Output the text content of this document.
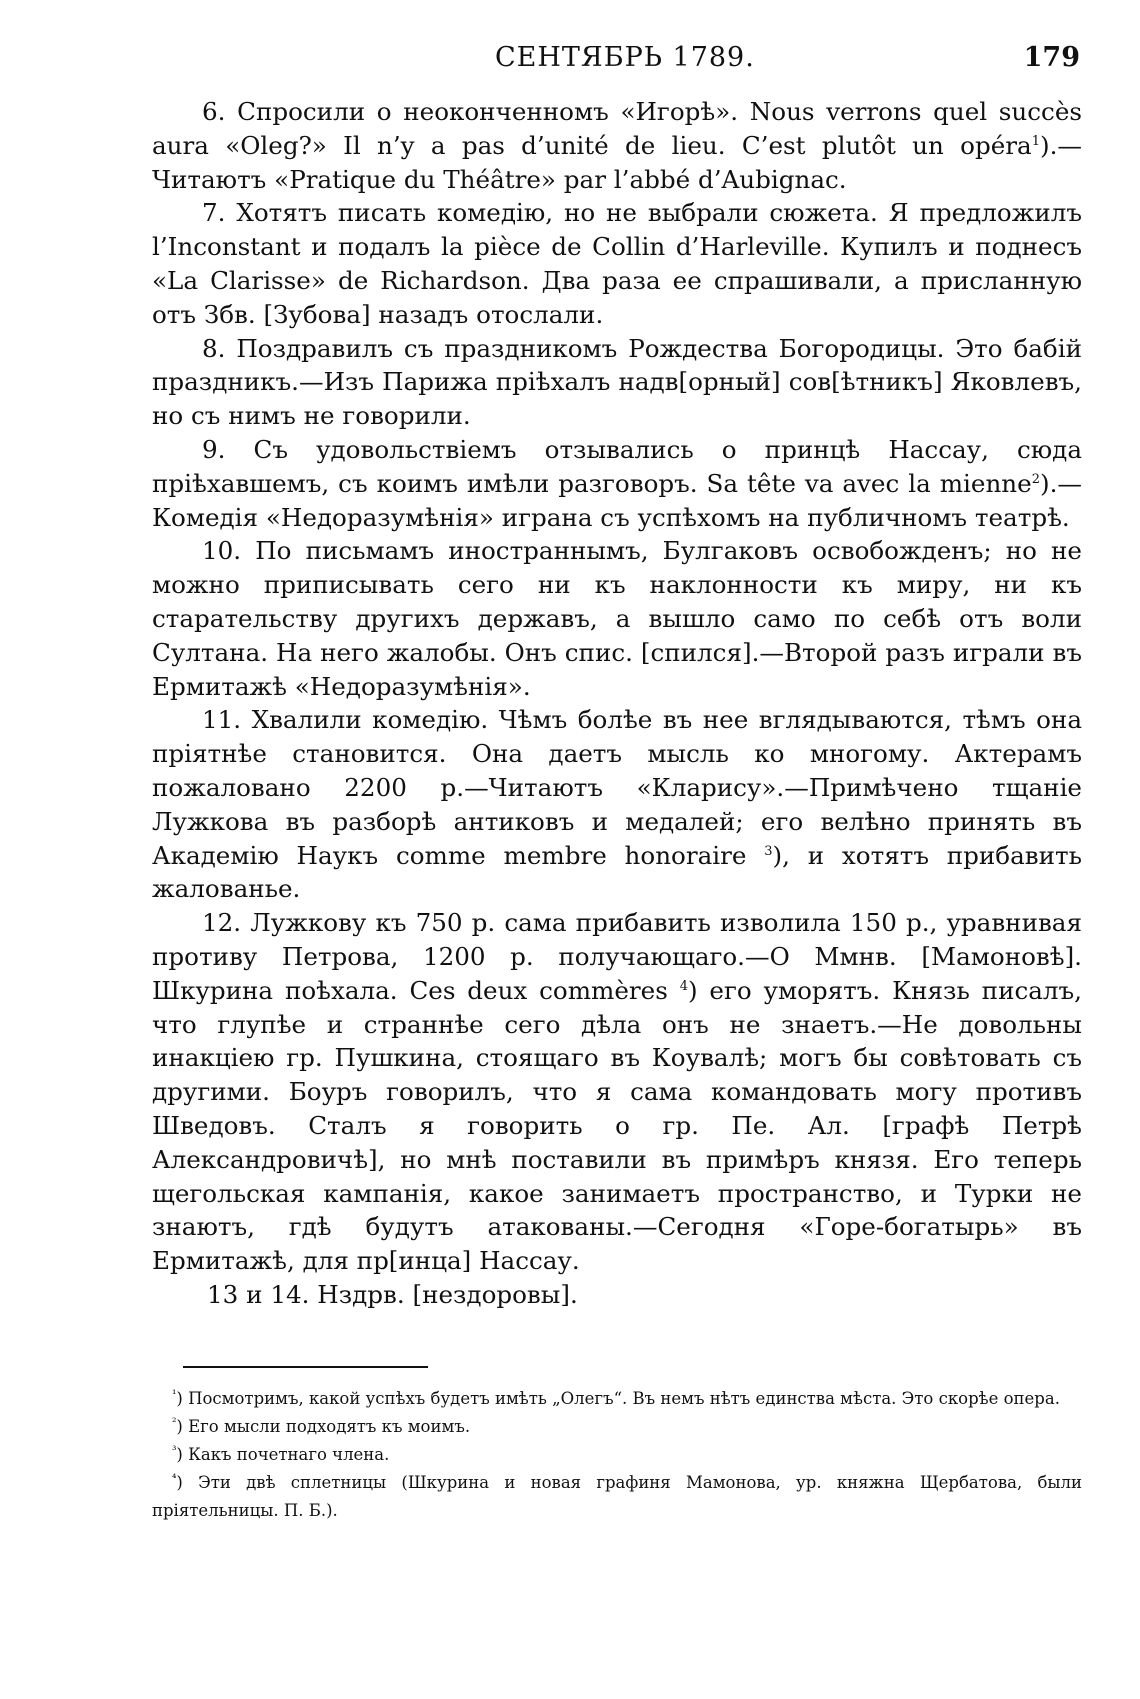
СЕНТЯБРЬ 1789.	179

6. Спросили о неоконченномъ «Игорѣ». Nous verrons quel succès aura «Oleg?» Il n’y a pas d’unité de lieu. C’est plutôt un opéra$^1$).—Читаютъ «Pratique du Théâtre» par l’abbé d’Aubignac.

7. Хотятъ писать комедію, но не выбрали сюжета. Я предложилъ l’Inconstant и подалъ la pièce de Collin d’Harleville. Купилъ и поднесъ «La Clarisse» de Richardson. Два раза ее спрашивали, а присланную отъ Збв. [Зубова] назадъ отослали.

8. Поздравилъ съ праздникомъ Рождества Богородицы. Это бабій праздникъ.—Изъ Парижа пріѣхалъ надв[орный] сов[ѣтникъ] Яковлевъ, но съ нимъ не говорили.

9. Съ удовольствіемъ отзывались о принцѣ Нассау, сюда пріѣхавшемъ, съ коимъ имѣли разговоръ. Sa tête va avec la mienne$^2$).—Комедія «Недоразумѣнія» играна съ успѣхомъ на публичномъ театрѣ.

10. По письмамъ иностраннымъ, Булгаковъ освобожденъ; но не можно приписывать сего ни къ наклонности къ миру, ни къ старательству другихъ державъ, а вышло само по себѣ отъ воли Султана. На него жалобы. Онъ спис. [спился].—Второй разъ играли въ Ермитажѣ «Недоразумѣнія».

11. Хвалили комедію. Чѣмъ болѣе въ нее вглядываются, тѣмъ она пріятнѣе становится. Она даетъ мысль ко многому. Актерамъ пожаловано 2200 р.—Читаютъ «Кларису».—Примѣчено тщаніе Лужкова въ разборѣ антиковъ и медалей; его велѣно принять въ Академію Наукъ comme membre honoraire $^3$), и хотятъ прибавить жалованье.

12. Лужкову къ 750 р. сама прибавить изволила 150 р., уравнивая противу Петрова, 1200 р. получающаго.—О Ммнв. [Мамоновѣ]. Шкурина поѣхала. Ces deux commères $^4$) его уморятъ. Князь писалъ, что глупѣе и страннѣе сего дѣла онъ не знаетъ.—Не довольны инакціею гр. Пушкина, стоящаго въ Коувалѣ; могъ бы совѣтовать съ другими. Боуръ говорилъ, что я сама командовать могу противъ Шведовъ. Сталъ я говорить о гр. Пе. Ал. [графѣ Петрѣ Александровичѣ], но мнѣ поставили въ примѣръ князя. Его теперь щегольская кампанія, какое занимаетъ пространство, и Турки не знаютъ, гдѣ будутъ атакованы.—Сегодня «Горе-богатырь» въ Ермитажѣ, для пр[инца] Нассау.

13 и 14. Нздрв. [нездоровы].

$^{^1}$) Посмотримъ, какой успѣхъ будетъ имѣть „Олегъ“. Въ немъ нѣтъ единства мѣста. Это скорѣе опера.

$^{^2}$) Его мысли подходятъ къ моимъ.

$^{^3}$) Какъ почетнаго члена.

$^{^4}$) Эти двѣ сплетницы (Шкурина и новая графиня Мамонова, ур. княжна Щербатова, были пріятельницы. П. Б.).
